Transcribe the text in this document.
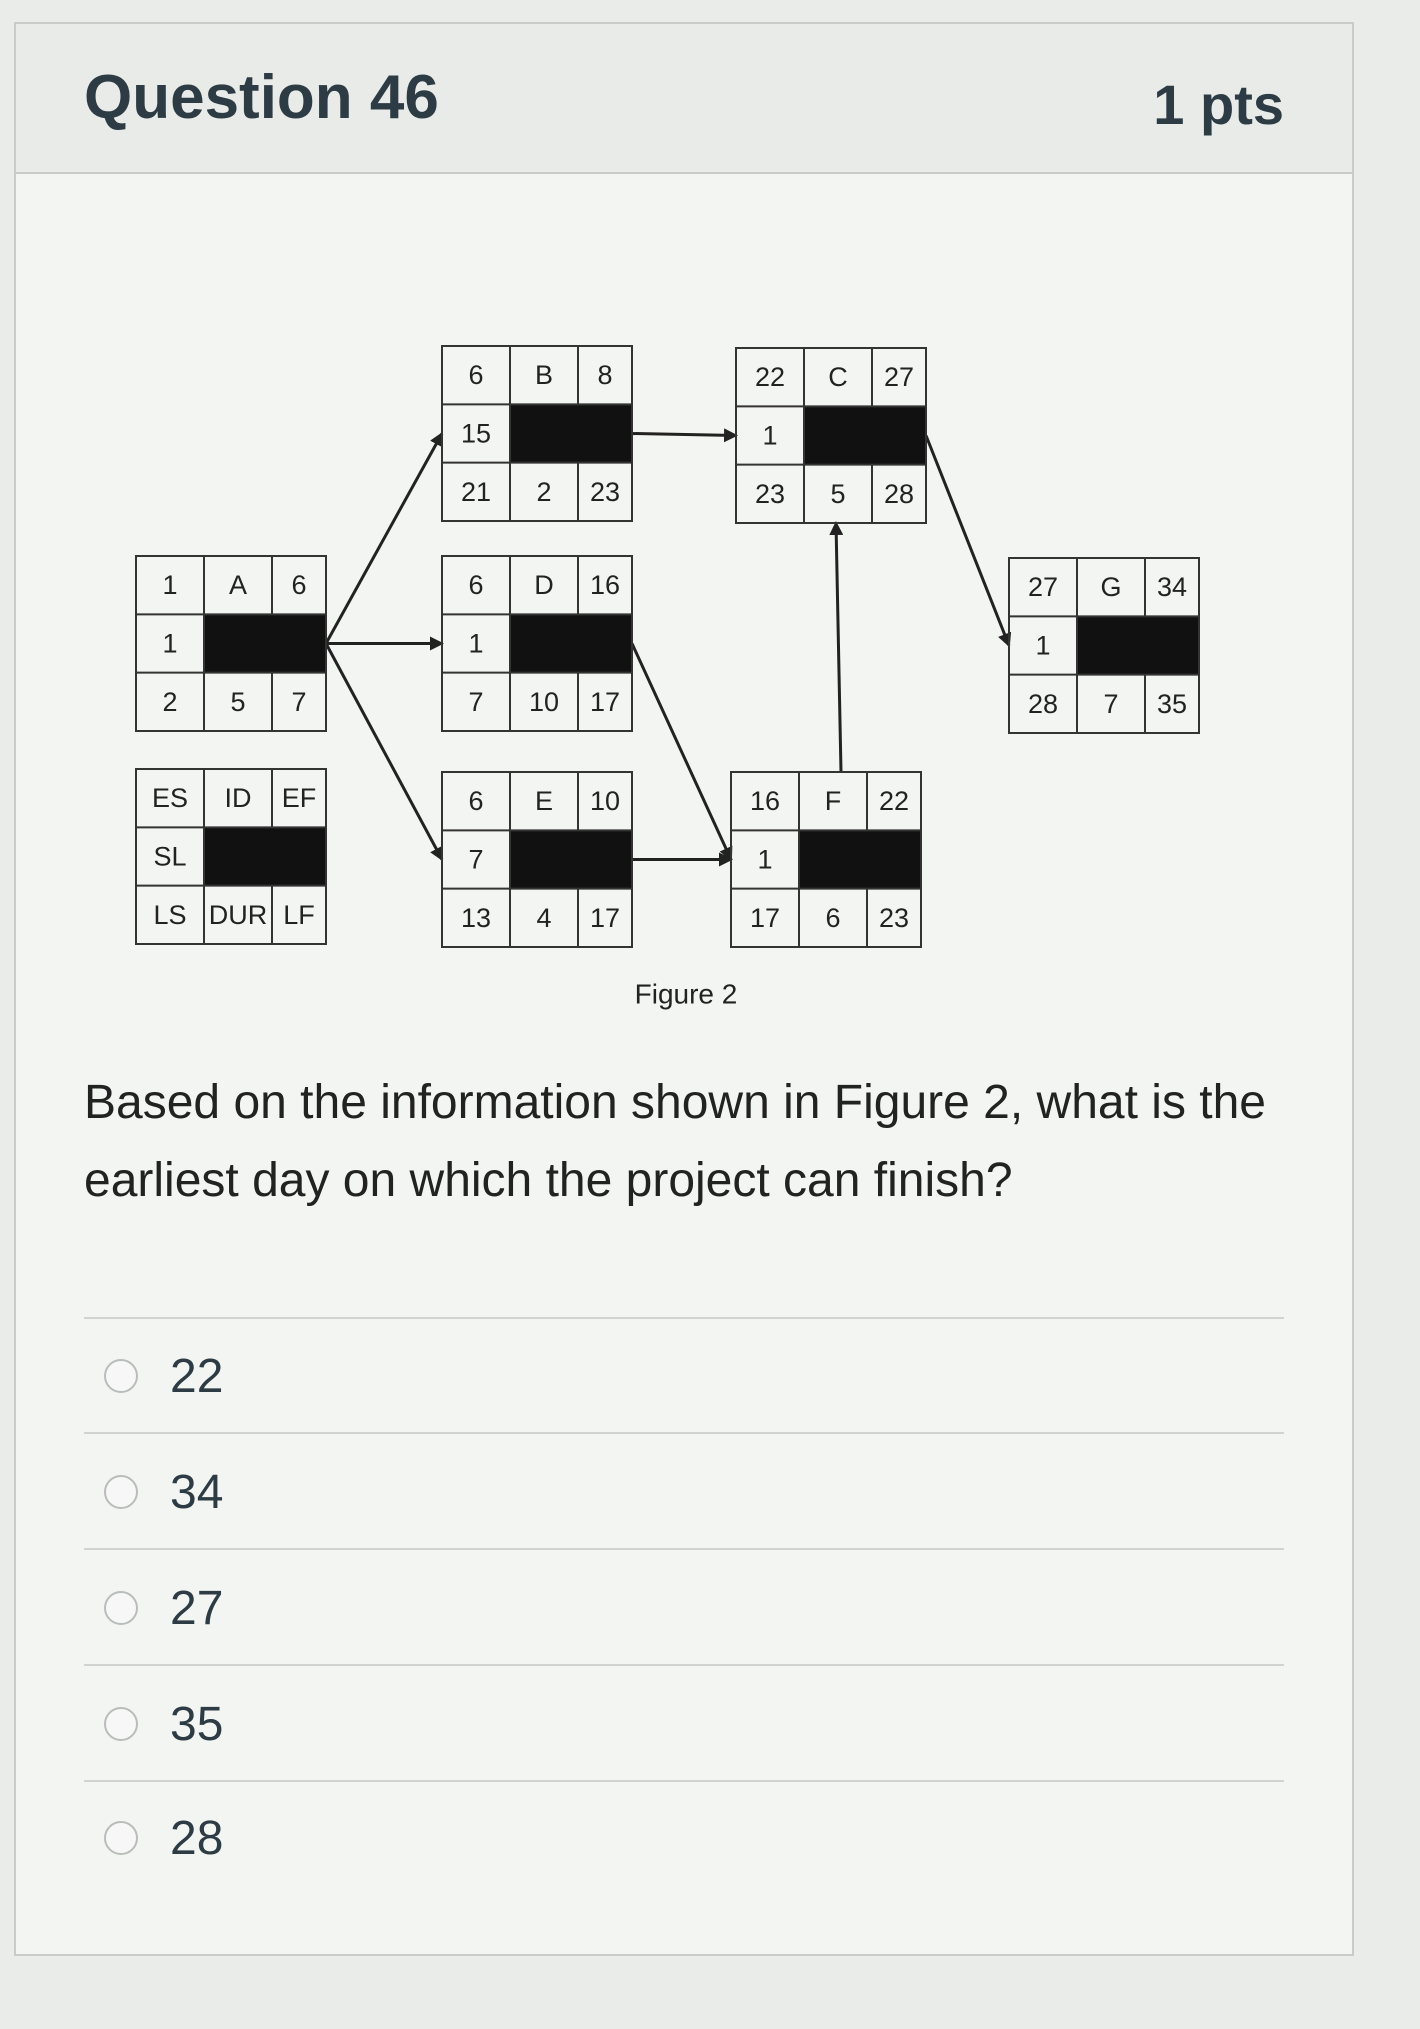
Question 46	1 pts
ES ID EF
SL
LS DUR LF
1 A 6
1
2 5 7
6 B 8
15
21 2 23
22 C 27
1
23 5 28
6 D 16
1
7 10 17
6 E 10
7
13 4 17
16 F 22
1
17 6 23
27 G 34
1
28 7 35
Figure 2
Based on the information shown in Figure 2, what is the earliest day on which the project can finish?
22
34
27
35
28
